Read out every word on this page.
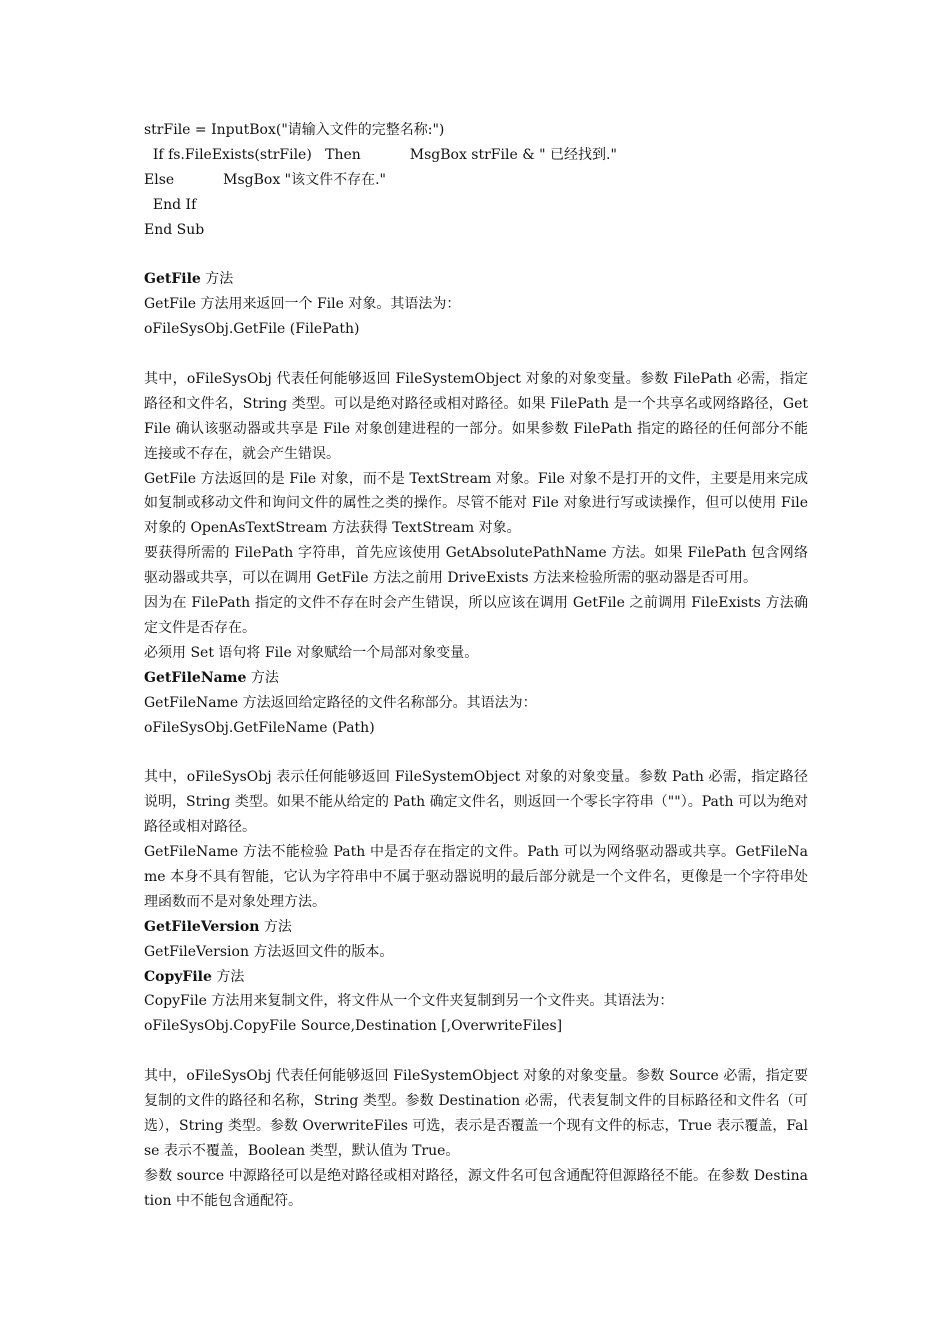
strFile = InputBox("请输入文件的完整名称:")
If fs.FileExists(strFile)   Then           MsgBox strFile & " 已经找到."
Else           MsgBox "该文件不存在."
End If
End Sub
GetFile 方法
GetFile 方法用来返回一个 File 对象。其语法为：
oFileSysObj.GetFile (FilePath)
其中，oFileSysObj 代表任何能够返回 FileSystemObject 对象的对象变量。参数 FilePath 必需，指定路径和文件名，String 类型。可以是绝对路径或相对路径。如果 FilePath 是一个共享名或网络路径，GetFile 确认该驱动器或共享是 File 对象创建进程的一部分。如果参数 FilePath 指定的路径的任何部分不能连接或不存在，就会产生错误。
GetFile 方法返回的是 File 对象，而不是 TextStream 对象。File 对象不是打开的文件，主要是用来完成如复制或移动文件和询问文件的属性之类的操作。尽管不能对 File 对象进行写或读操作，但可以使用 File 对象的 OpenAsTextStream 方法获得 TextStream 对象。
要获得所需的 FilePath 字符串，首先应该使用 GetAbsolutePathName 方法。如果 FilePath 包含网络驱动器或共享，可以在调用 GetFile 方法之前用 DriveExists 方法来检验所需的驱动器是否可用。
因为在 FilePath 指定的文件不存在时会产生错误，所以应该在调用 GetFile 之前调用 FileExists 方法确定文件是否存在。
必须用 Set 语句将 File 对象赋给一个局部对象变量。
GetFileName 方法
GetFileName 方法返回给定路径的文件名称部分。其语法为：
oFileSysObj.GetFileName (Path)
其中，oFileSysObj 表示任何能够返回 FileSystemObject 对象的对象变量。参数 Path 必需，指定路径说明，String 类型。如果不能从给定的 Path 确定文件名，则返回一个零长字符串（""）。Path 可以为绝对路径或相对路径。
GetFileName 方法不能检验 Path 中是否存在指定的文件。Path 可以为网络驱动器或共享。GetFileName 本身不具有智能，它认为字符串中不属于驱动器说明的最后部分就是一个文件名，更像是一个字符串处理函数而不是对象处理方法。
GetFileVersion 方法
GetFileVersion 方法返回文件的版本。
CopyFile 方法
CopyFile 方法用来复制文件，将文件从一个文件夹复制到另一个文件夹。其语法为：
oFileSysObj.CopyFile Source,Destination [,OverwriteFiles]
其中，oFileSysObj 代表任何能够返回 FileSystemObject 对象的对象变量。参数 Source 必需，指定要复制的文件的路径和名称，String 类型。参数 Destination 必需，代表复制文件的目标路径和文件名（可选），String 类型。参数 OverwriteFiles 可选，表示是否覆盖一个现有文件的标志，True 表示覆盖，False 表示不覆盖，Boolean 类型，默认值为 True。
参数 source 中源路径可以是绝对路径或相对路径，源文件名可包含通配符但源路径不能。在参数 Destination 中不能包含通配符。
